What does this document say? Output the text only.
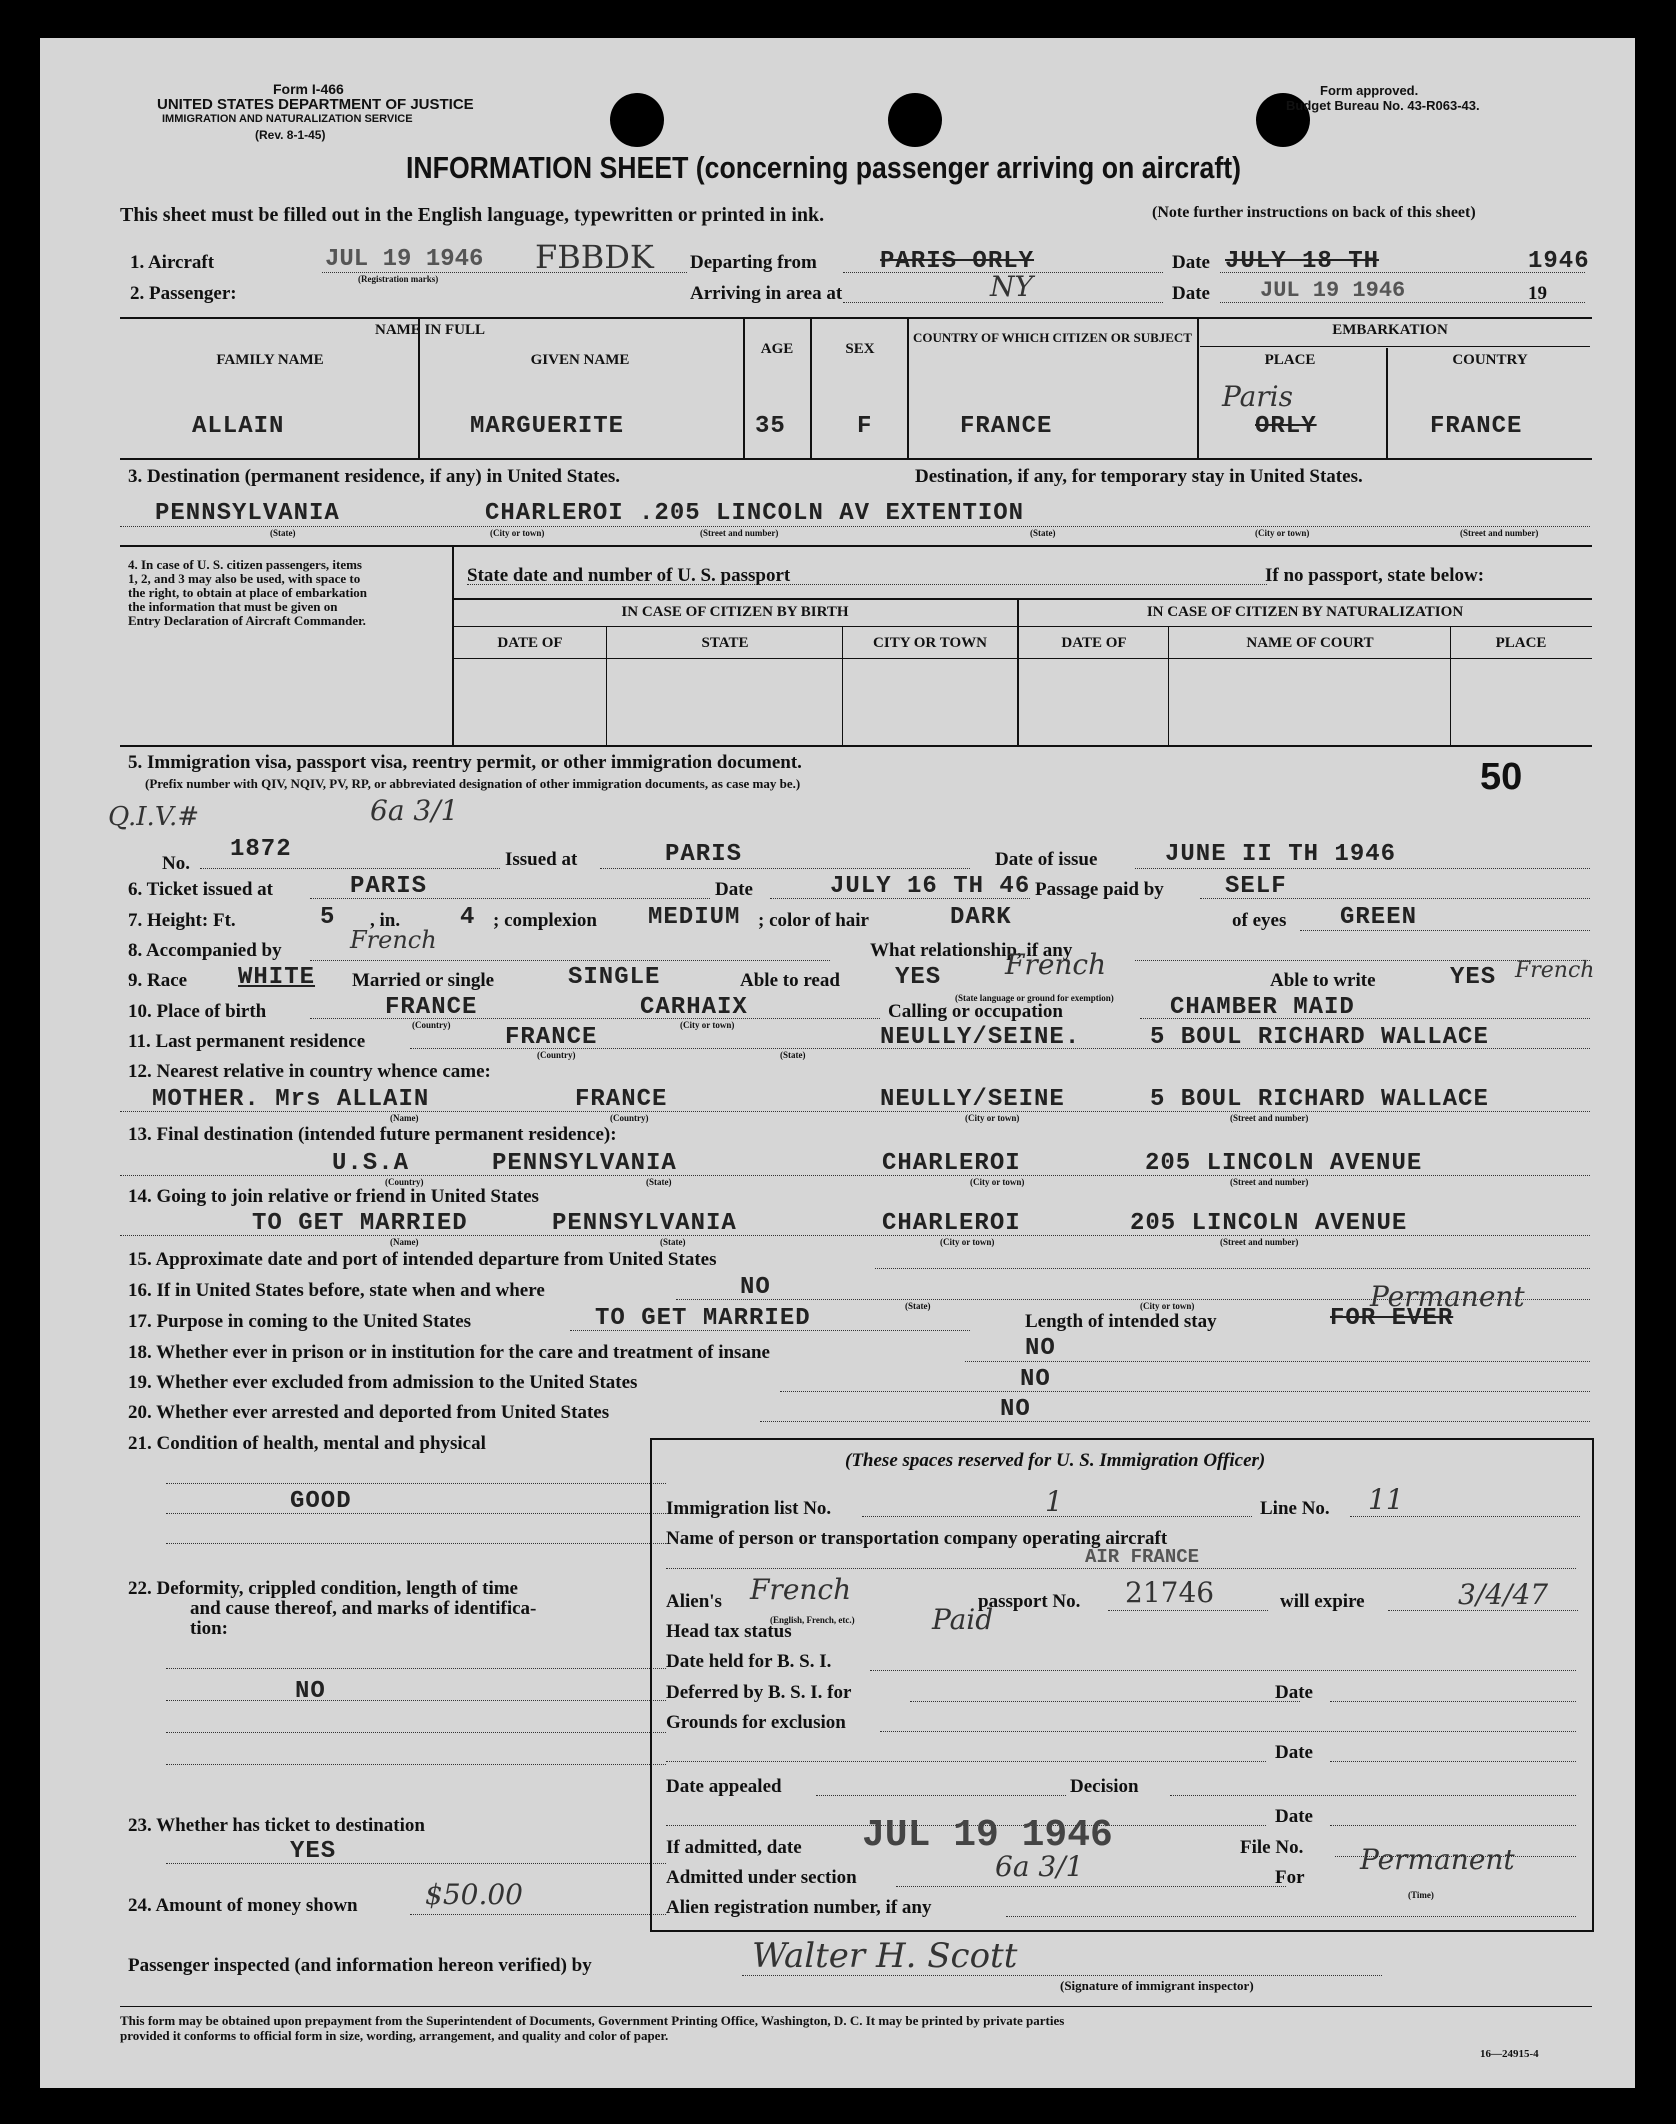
Form I-466
UNITED STATES DEPARTMENT OF JUSTICE
IMMIGRATION AND NATURALIZATION SERVICE
(Rev. 8-1-45)
Form approved.
Budget Bureau No. 43-R063-43.
INFORMATION SHEET (concerning passenger arriving on aircraft)
This sheet must be filled out in the English language, typewritten or printed in ink.	(Note further instructions on back of this sheet)
1. Aircraft	JUL 19 1946 FBBDK
(Registration marks)
Departing from	PARIS ORLY	Date JULY 18 TH	1946
2. Passenger:	Arriving in area at	NY	Date JUL 19 1946	19
NAME IN FULL
FAMILY NAME	GIVEN NAME
AGE	SEX
COUNTRY OF WHICH CITIZEN OR SUBJECT	EMBARKATION
PLACE	COUNTRY
ALLAIN	MARGUERITE	35	F	FRANCE
Paris
ORLY	FRANCE
3. Destination (permanent residence, if any) in United States.	Destination, if any, for temporary stay in United States.
PENNSYLVANIA	CHARLEROI .205 LINCOLN AV EXTENTION
(State)	(City or town)	(Street and number)	(State)	(City or town)	(Street and number)
4. In case of U. S. citizen passengers, items 1, 2, and 3 may also be used, with space to the right, to obtain at place of embarkation the information that must be given on Entry Declaration of Aircraft Commander.
State date and number of U. S. passport	If no passport, state below:
IN CASE OF CITIZEN BY BIRTH	IN CASE OF CITIZEN BY NATURALIZATION
DATE OF	STATE	CITY OR TOWN	DATE OF	NAME OF COURT	PLACE
5. Immigration visa, passport visa, reentry permit, or other immigration document.
(Prefix number with QIV, NQIV, PV, RP, or abbreviated designation of other immigration documents, as case may be.)	50
Q.I.V.#	6a 3/1
No.
1872	Issued at	PARIS	Date of issue	JUNE II TH 1946
6. Ticket issued at	PARIS	Date	JULY 16 TH 46 Passage paid by	SELF
7. Height: Ft.	5 , in. 4 ; complexion MEDIUM ; color of hair	DARK	of eyes GREEN
8. Accompanied by	French	What relationship, if any
9. Race WHITE Married or single	SINGLE	Able to read YES French
(State language or ground for exemption)
Able to write	YES French
10. Place of birth	FRANCE	CARHAIX
(Country)	(City or town)
Calling or occupation	CHAMBER MAID
11. Last permanent residence	FRANCE	NEULLY/SEINE.	5 BOUL RICHARD WALLACE
(Country)	(State)
12. Nearest relative in country whence came:
MOTHER. Mrs ALLAIN	FRANCE	NEULLY/SEINE	5 BOUL RICHARD WALLACE
(Name)	(Country)	(City or town)	(Street and number)
13. Final destination (intended future permanent residence):
U.S.A	PENNSYLVANIA	CHARLEROI	205 LINCOLN AVENUE
(Country)	(State)	(City or town)	(Street and number)
14. Going to join relative or friend in United States
TO GET MARRIED	PENNSYLVANIA	CHARLEROI	205 LINCOLN AVENUE
(Name)	(State)	(City or town)	(Street and number)
15. Approximate date and port of intended departure from United States
16. If in United States before, state when and where	NO
(State)	(City or town)
17. Purpose in coming to the United States	TO GET MARRIED	Length of intended stay	FOR EVER
Permanent
18. Whether ever in prison or in institution for the care and treatment of insane	NO
19. Whether ever excluded from admission to the United States	NO
20. Whether ever arrested and deported from United States	NO
21. Condition of health, mental and physical
GOOD
22. Deformity, crippled condition, length of time
and cause thereof, and marks of identifica-
tion:
NO
23. Whether has ticket to destination
YES
24. Amount of money shown $50.00
(These spaces reserved for U. S. Immigration Officer)
Immigration list No.	1	Line No. 11
Name of person or transportation company operating aircraft
AIR FRANCE
Alien's French
(English, French, etc.)
passport No. 21746	will expire	3/4/47
Head tax status	Paid
Date held for B. S. I.
Deferred by B. S. I. for	Date
Grounds for exclusion
Date
Date appealed	Decision
Date
If admitted, date JUL 19 1946	File No.
Admitted under section	6a 3/1	For
Permanent
(Time)
Alien registration number, if any
Passenger inspected (and information hereon verified) by	Walter H. Scott
(Signature of immigrant inspector)
This form may be obtained upon prepayment from the Superintendent of Documents, Government Printing Office, Washington, D. C. It may be printed by private parties
provided it conforms to official form in size, wording, arrangement, and quality and color of paper.
16—24915-4
